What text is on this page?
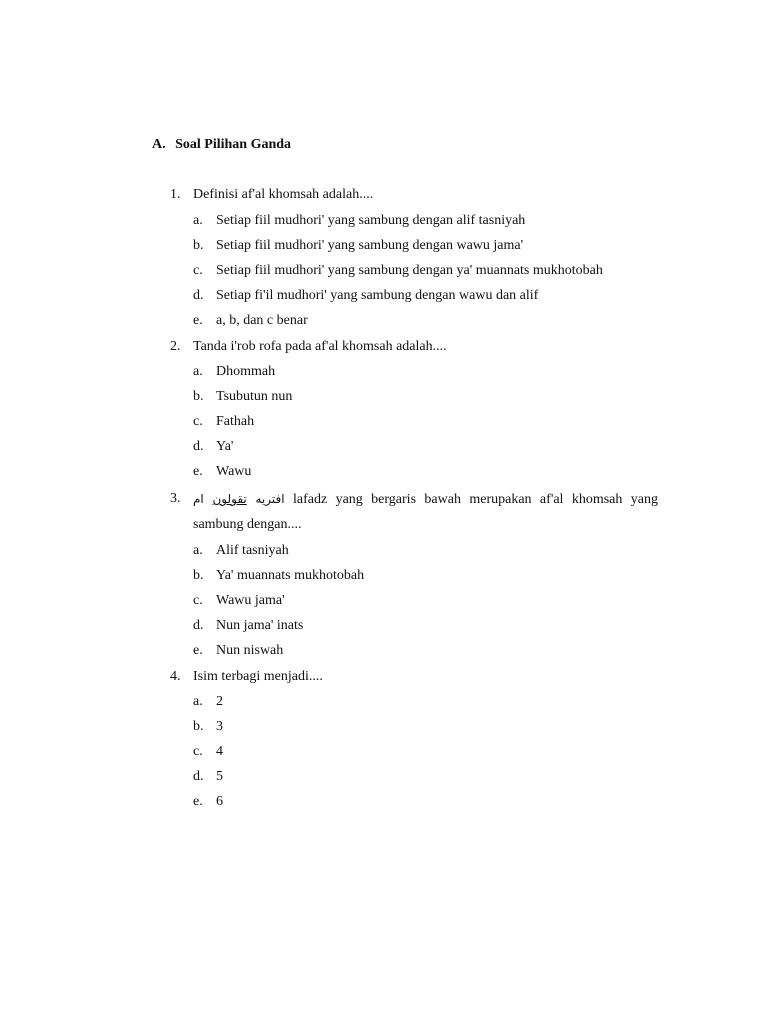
A. Soal Pilihan Ganda
1. Definisi af'al khomsah adalah....
a. Setiap fiil mudhori' yang sambung dengan alif tasniyah
b. Setiap fiil mudhori' yang sambung dengan wawu jama'
c. Setiap fiil mudhori' yang sambung dengan ya' muannats mukhotobah
d. Setiap fi'il mudhori' yang sambung dengan wawu dan alif
e. a, b, dan c benar
2. Tanda i'rob rofa pada af'al khomsah adalah....
a. Dhommah
b. Tsubutun nun
c. Fathah
d. Ya'
e. Wawu
3.	افتريه تقولون ام	lafadz yang bergaris bawah merupakan af'al khomsah yang
sambung dengan....
a. Alif tasniyah
b. Ya' muannats mukhotobah
c. Wawu jama'
d. Nun jama' inats
e. Nun niswah
4. Isim terbagi menjadi....
a. 2
b. 3
c. 4
d. 5
e. 6
